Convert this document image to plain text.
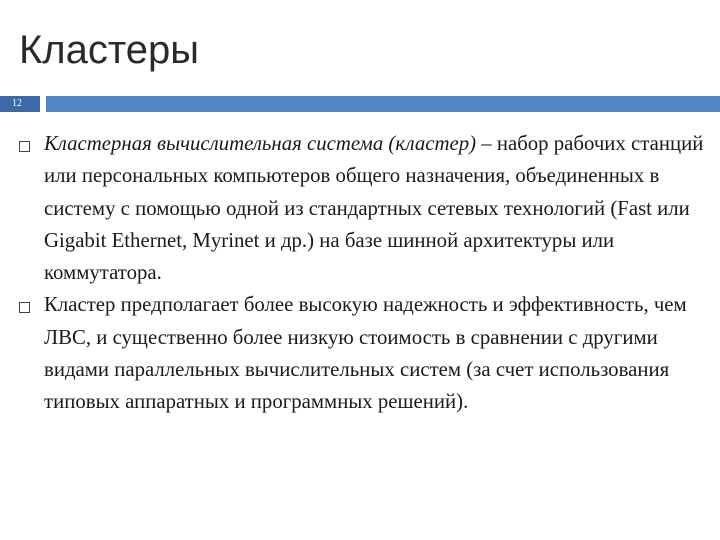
Кластеры
12
Кластерная вычислительная система (кластер) – набор рабочих станций или персональных компьютеров общего назначения, объединенных в систему с помощью одной из стандартных сетевых технологий (Fast или Gigabit Ethernet, Myrinet и др.) на базе шинной архитектуры или коммутатора.
Кластер предполагает более высокую надежность и эффективность, чем ЛВС, и существенно более низкую стоимость в сравнении с другими видами параллельных вычислительных систем (за счет использования типовых аппаратных и программных решений).
